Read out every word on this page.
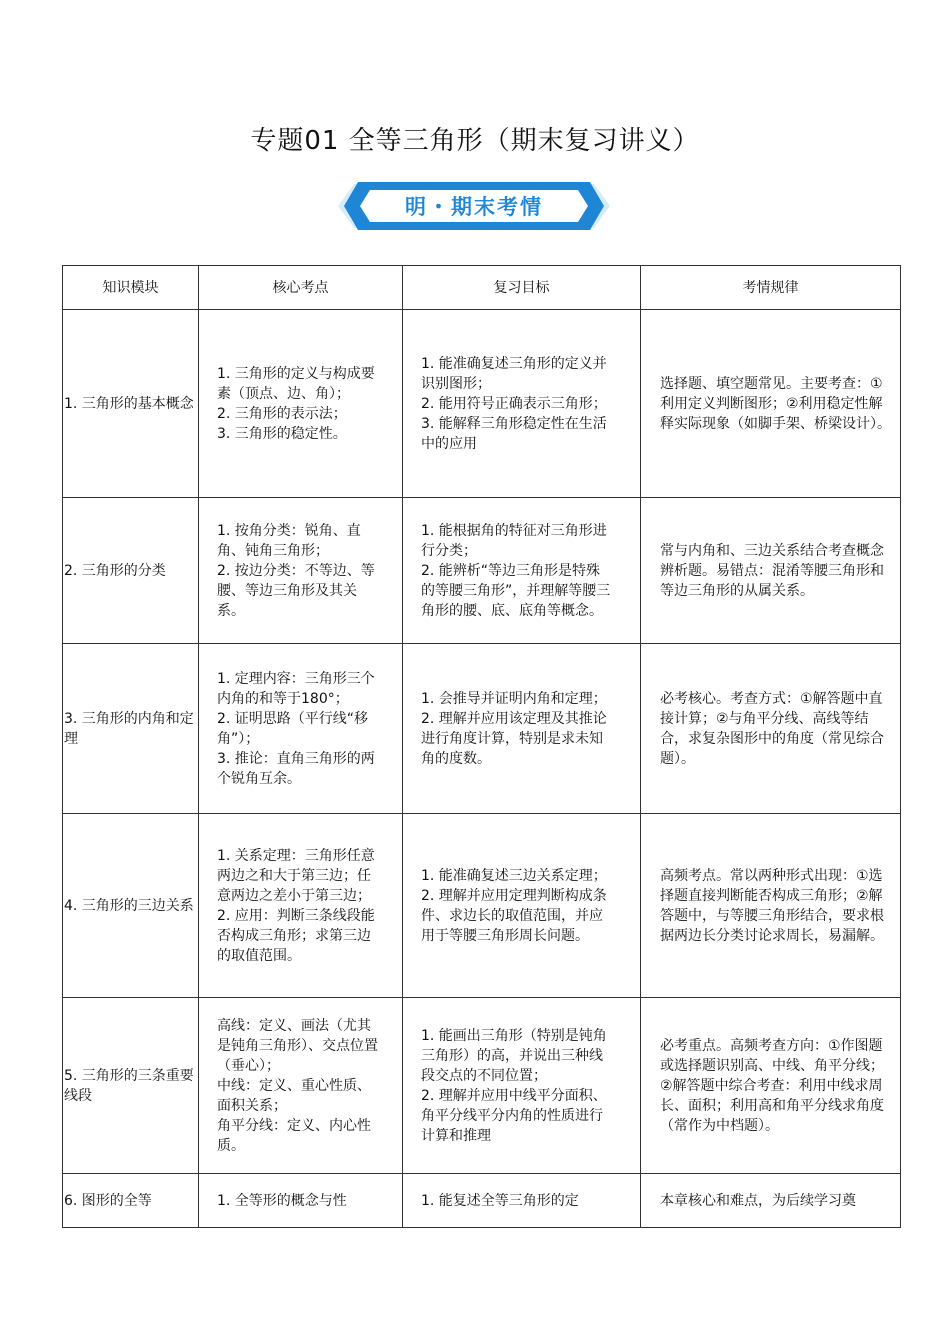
专题01 全等三角形（期末复习讲义）
明・期末考情
知识模块	核心考点	复习目标	考情规律
1. 三角形的基本概念	1. 三角形的定义与构成要素（顶点、边、角）；
2. 三角形的表示法；
3. 三角形的稳定性。	1. 能准确复述三角形的定义并识别图形；
2. 能用符号正确表示三角形；
3. 能解释三角形稳定性在生活中的应用	选择题、填空题常见。主要考查：①利用定义判断图形；②利用稳定性解释实际现象（如脚手架、桥梁设计）。
2. 三角形的分类	1. 按角分类：锐角、直角、钝角三角形；
2. 按边分类：不等边、等腰、等边三角形及其关系。	1. 能根据角的特征对三角形进行分类；
2. 能辨析“等边三角形是特殊的等腰三角形”，并理解等腰三角形的腰、底、底角等概念。	常与内角和、三边关系结合考查概念辨析题。易错点：混淆等腰三角形和等边三角形的从属关系。
3. 三角形的内角和定理	1. 定理内容：三角形三个内角的和等于180°；
2. 证明思路（平行线“移角”）；
3. 推论：直角三角形的两个锐角互余。	1. 会推导并证明内角和定理；
2. 理解并应用该定理及其推论进行角度计算，特别是求未知角的度数。	必考核心。考查方式：①解答题中直接计算；②与角平分线、高线等结合，求复杂图形中的角度（常见综合题）。
4. 三角形的三边关系	1. 关系定理：三角形任意两边之和大于第三边；任意两边之差小于第三边；
2. 应用：判断三条线段能否构成三角形；求第三边的取值范围。	1. 能准确复述三边关系定理；
2. 理解并应用定理判断构成条件、求边长的取值范围，并应用于等腰三角形周长问题。	高频考点。常以两种形式出现：①选择题直接判断能否构成三角形；②解答题中，与等腰三角形结合，要求根据两边长分类讨论求周长，易漏解。
5. 三角形的三条重要线段	高线：定义、画法（尤其是钝角三角形）、交点位置（垂心）；
中线：定义、重心性质、面积关系；
角平分线：定义、内心性质。	1. 能画出三角形（特别是钝角三角形）的高，并说出三种线段交点的不同位置；
2. 理解并应用中线平分面积、角平分线平分内角的性质进行计算和推理	必考重点。高频考查方向：①作图题或选择题识别高、中线、角平分线；②解答题中综合考查：利用中线求周长、面积；利用高和角平分线求角度（常作为中档题）。
6. 图形的全等	1. 全等形的概念与性	1. 能复述全等三角形的定	本章核心和难点，为后续学习奠
